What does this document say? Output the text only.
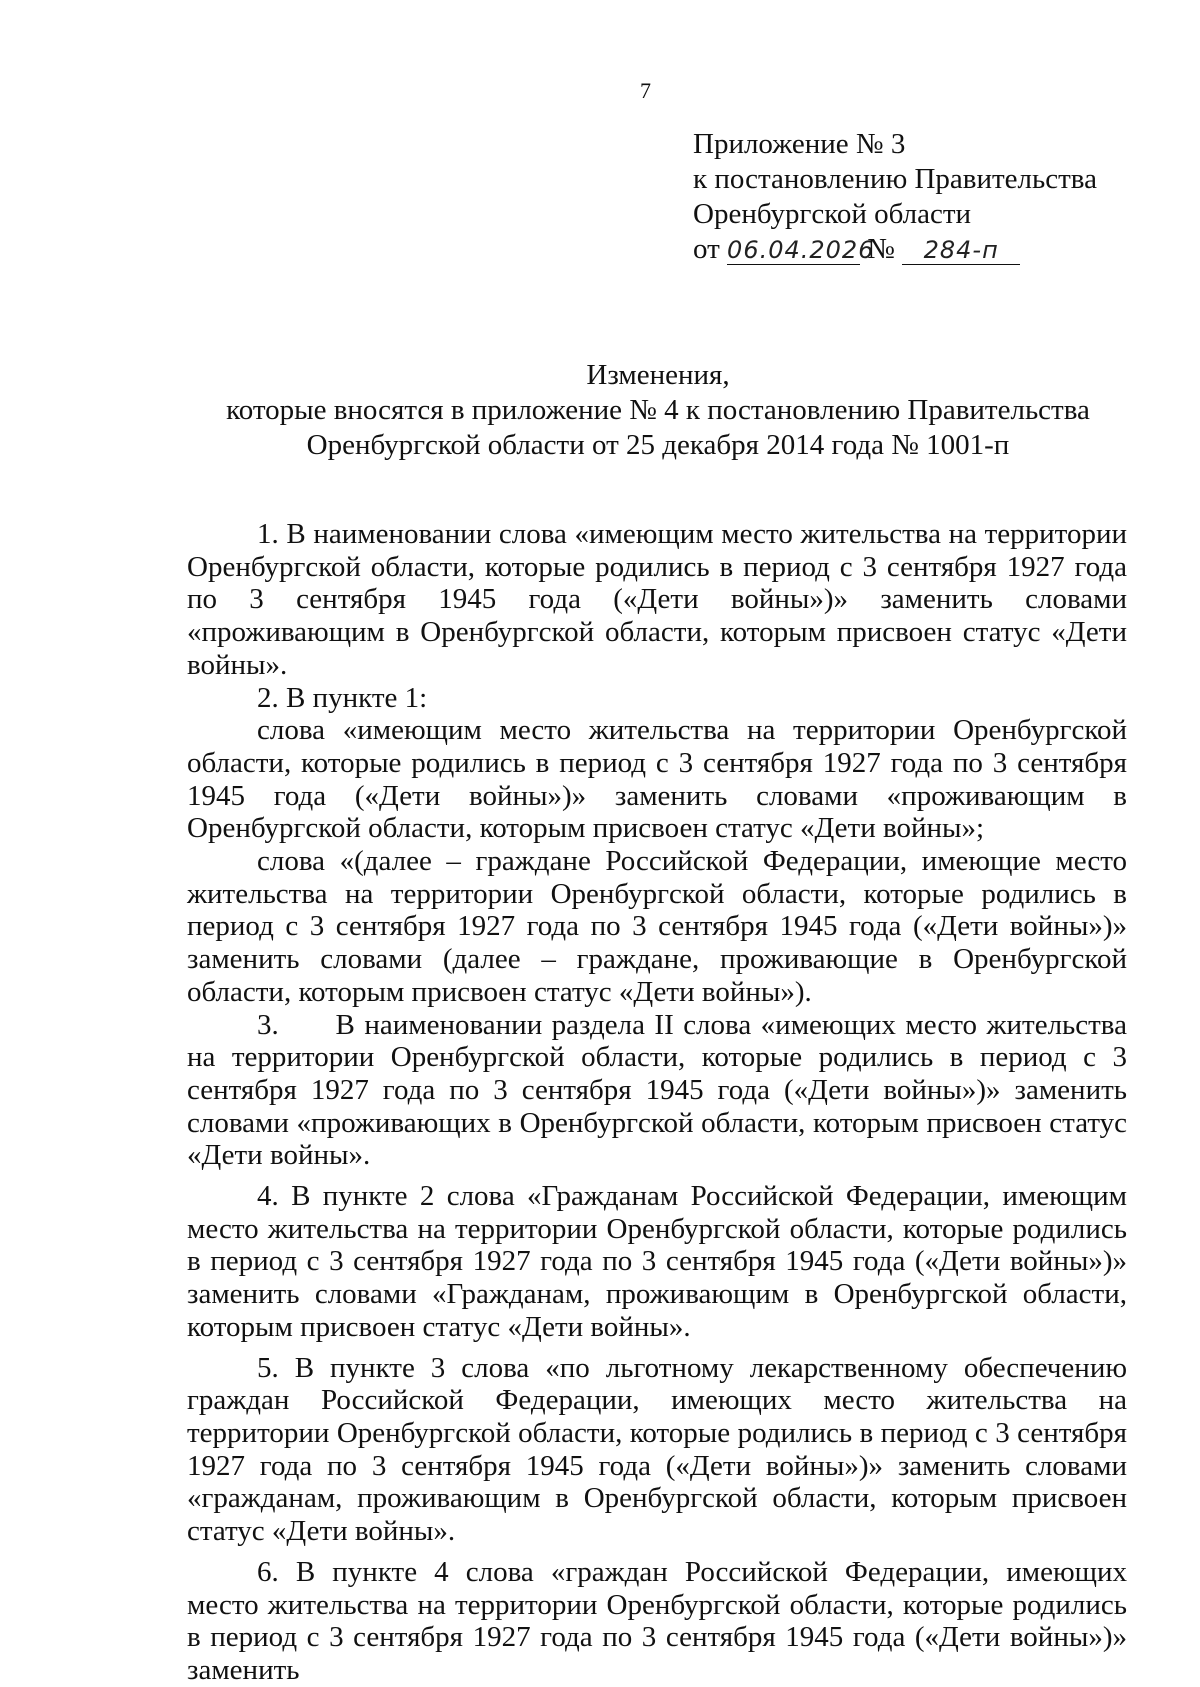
7
Приложение № 3
к постановлению Правительства
Оренбургской области
от 06.04.2026 № 284-п
Изменения,
которые вносятся в приложение № 4 к постановлению Правительства
Оренбургской области от 25 декабря 2014 года № 1001-п

1. В наименовании слова «имеющим место жительства на территории Оренбургской области, которые родились в период с 3 сентября 1927 года по 3 сентября 1945 года («Дети войны»)» заменить словами «проживающим в Оренбургской области, которым присвоен статус «Дети войны».

2. В пункте 1:

слова «имеющим место жительства на территории Оренбургской области, которые родились в период с 3 сентября 1927 года по 3 сентября 1945 года («Дети войны»)» заменить словами «проживающим в Оренбургской области, которым присвоен статус «Дети войны»;

слова «(далее – граждане Российской Федерации, имеющие место жительства на территории Оренбургской области, которые родились в период с 3 сентября 1927 года по 3 сентября 1945 года («Дети войны»)» заменить словами (далее – граждане, проживающие в Оренбургской области, которым присвоен статус «Дети войны»).

3.      В наименовании раздела II слова «имеющих место жительства на территории Оренбургской области, которые родились в период с 3 сентября 1927 года по 3 сентября 1945 года («Дети войны»)» заменить словами «проживающих в Оренбургской области, которым присвоен статус «Дети войны».

4. В пункте 2 слова «Гражданам Российской Федерации, имеющим место жительства на территории Оренбургской области, которые родились в период с 3 сентября 1927 года по 3 сентября 1945 года («Дети войны»)» заменить словами «Гражданам, проживающим в Оренбургской области, которым присвоен статус «Дети войны».

5. В пункте 3 слова «по льготному лекарственному обеспечению граждан Российской Федерации, имеющих место жительства на территории Оренбургской области, которые родились в период с 3 сентября 1927 года по 3 сентября 1945 года («Дети войны»)» заменить словами «гражданам, проживающим в Оренбургской области, которым присвоен статус «Дети войны».

6. В пункте 4 слова «граждан Российской Федерации, имеющих место жительства на территории Оренбургской области, которые родились в период с 3 сентября 1927 года по 3 сентября 1945 года («Дети войны»)» заменить
